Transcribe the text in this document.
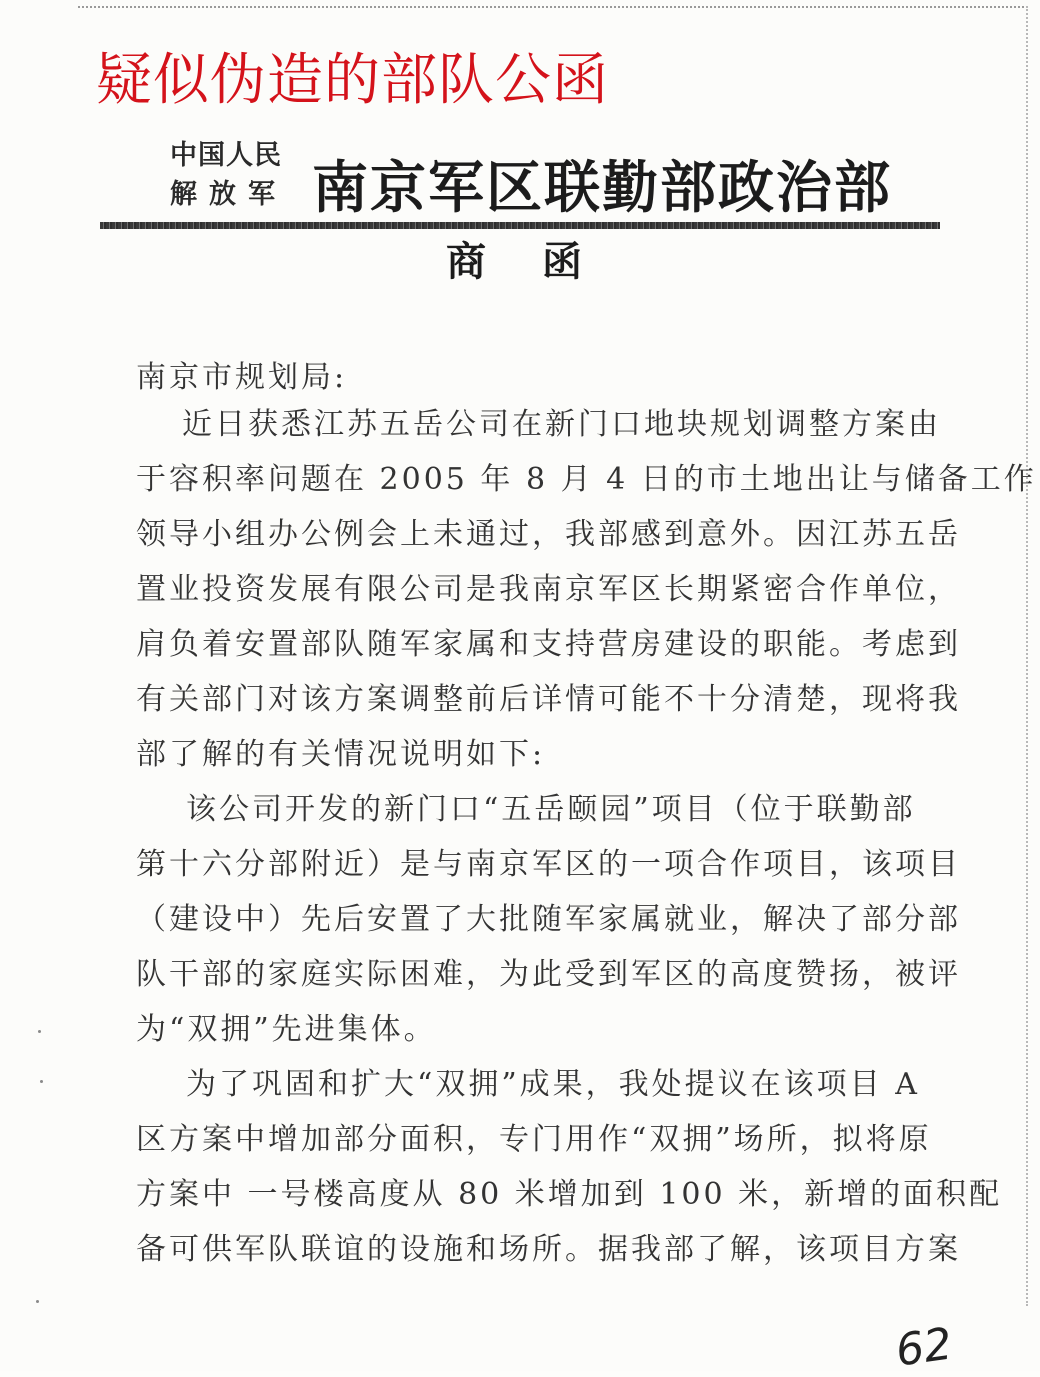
疑似伪造的部队公函
中国人民
解放军 南京军区联勤部政治部
商函
南京市规划局:
近日获悉江苏五岳公司在新门口地块规划调整方案由
于容积率问题在 2005 年 8 月 4 日的市土地出让与储备工作
领导小组办公例会上未通过，我部感到意外。因江苏五岳
置业投资发展有限公司是我南京军区长期紧密合作单位，
肩负着安置部队随军家属和支持营房建设的职能。考虑到
有关部门对该方案调整前后详情可能不十分清楚，现将我
部了解的有关情况说明如下:
该公司开发的新门口“五岳颐园”项目（位于联勤部
第十六分部附近）是与南京军区的一项合作项目，该项目
（建设中）先后安置了大批随军家属就业，解决了部分部
队干部的家庭实际困难，为此受到军区的高度赞扬，被评
为“双拥”先进集体。
为了巩固和扩大“双拥”成果，我处提议在该项目 A
区方案中增加部分面积，专门用作“双拥”场所，拟将原
方案中 一号楼高度从 80 米增加到 100 米，新增的面积配
备可供军队联谊的设施和场所。据我部了解，该项目方案
62
